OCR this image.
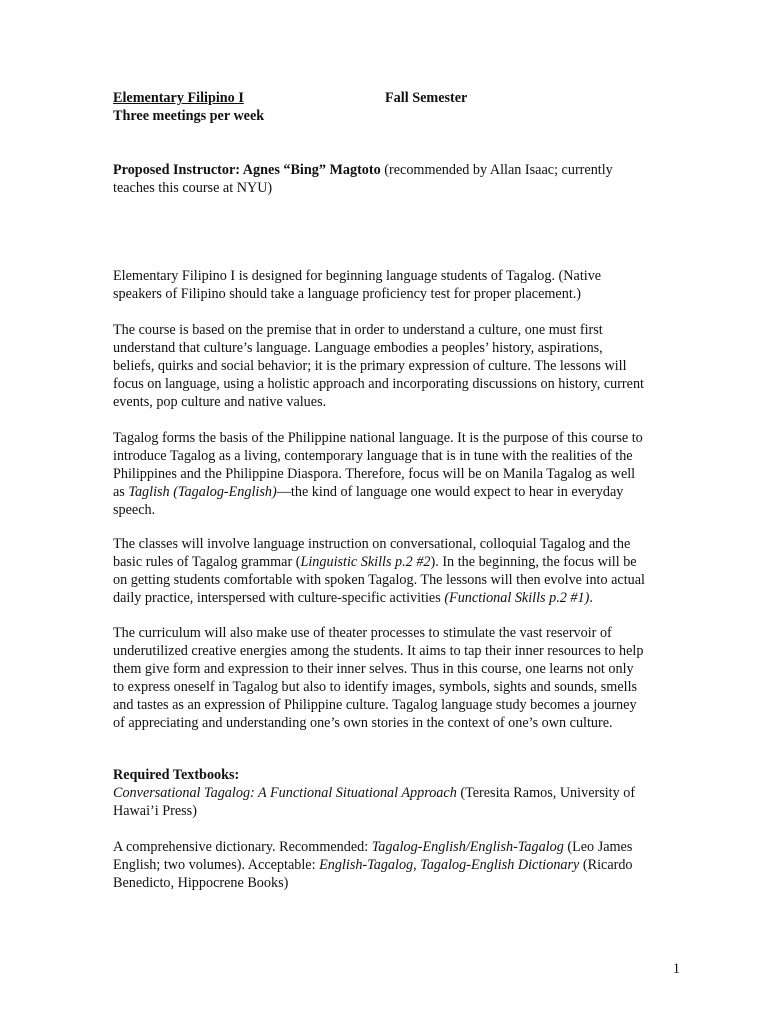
Elementary Filipino I	Fall Semester
Three meetings per week
Proposed Instructor: Agnes “Bing” Magtoto (recommended by Allan Isaac; currently
teaches this course at NYU)
Elementary Filipino I is designed for beginning language students of Tagalog. (Native
speakers of Filipino should take a language proficiency test for proper placement.)
The course is based on the premise that in order to understand a culture, one must first
understand that culture’s language. Language embodies a peoples’ history, aspirations,
beliefs, quirks and social behavior; it is the primary expression of culture. The lessons will
focus on language, using a holistic approach and incorporating discussions on history, current
events, pop culture and native values.
Tagalog forms the basis of the Philippine national language. It is the purpose of this course to
introduce Tagalog as a living, contemporary language that is in tune with the realities of the
Philippines and the Philippine Diaspora. Therefore, focus will be on Manila Tagalog as well
as Taglish (Tagalog-English)—the kind of language one would expect to hear in everyday
speech.
The classes will involve language instruction on conversational, colloquial Tagalog and the
basic rules of Tagalog grammar (Linguistic Skills p.2 #2). In the beginning, the focus will be
on getting students comfortable with spoken Tagalog. The lessons will then evolve into actual
daily practice, interspersed with culture-specific activities (Functional Skills p.2 #1).
The curriculum will also make use of theater processes to stimulate the vast reservoir of
underutilized creative energies among the students. It aims to tap their inner resources to help
them give form and expression to their inner selves. Thus in this course, one learns not only
to express oneself in Tagalog but also to identify images, symbols, sights and sounds, smells
and tastes as an expression of Philippine culture. Tagalog language study becomes a journey
of appreciating and understanding one’s own stories in the context of one’s own culture.
Required Textbooks:
Conversational Tagalog: A Functional Situational Approach (Teresita Ramos, University of
Hawai’i Press)
A comprehensive dictionary. Recommended: Tagalog-English/English-Tagalog (Leo James
English; two volumes). Acceptable: English-Tagalog, Tagalog-English Dictionary (Ricardo
Benedicto, Hippocrene Books)
1
